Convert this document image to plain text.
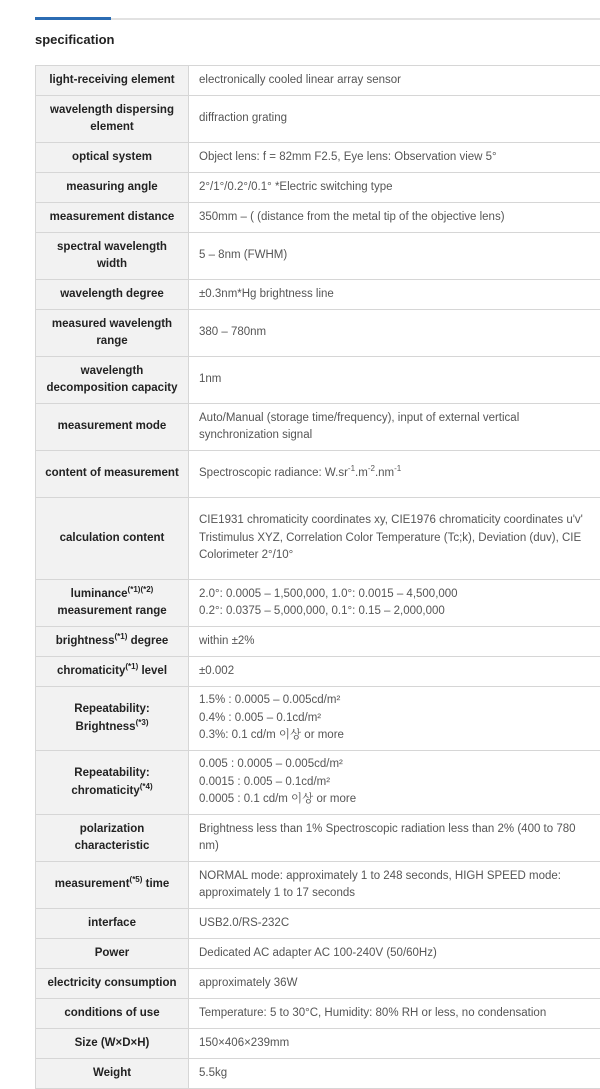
specification
light-receiving element	electronically cooled linear array sensor
wavelength dispersing element	diffraction grating
optical system	Object lens: f = 82mm F2.5, Eye lens: Observation view 5°
measuring angle	2°/1°/0.2°/0.1° *Electric switching type
measurement distance	350mm – ( (distance from the metal tip of the objective lens)
spectral wavelength width	5 – 8nm (FWHM)
wavelength degree	±0.3nm*Hg brightness line
measured wavelength range	380 – 780nm
wavelength decomposition capacity	1nm
measurement mode	Auto/Manual (storage time/frequency), input of external vertical synchronization signal
content of measurement	Spectroscopic radiance: $W.sr^{-1}.m^{-2}.nm^{-1}$
calculation content	CIE1931 chromaticity coordinates xy, CIE1976 chromaticity coordinates u'v' Tristimulus XYZ, Correlation Color Temperature (Tc;k), Deviation (duv), CIE Colorimeter 2°/10°
luminance$^{(*1)(*2)}$
measurement range	2.0°: 0.0005 – 1,500,000, 1.0°: 0.0015 – 4,500,000
0.2°: 0.0375 – 5,000,000, 0.1°: 0.15 – 2,000,000
brightness$^{(*1)}$ degree	within ±2%
chromaticity$^{(*1)}$ level	±0.002
Repeatability: Brightness$^{(*3)}$	1.5% : 0.0005 – 0.005cd/m²
0.4% : 0.005 – 0.1cd/m²
0.3%: 0.1 cd/m 이상 or more
Repeatability: chromaticity$^{(*4)}$	0.005 : 0.0005 – 0.005cd/m²
0.0015 : 0.005 – 0.1cd/m²
0.0005 : 0.1 cd/m 이상 or more
polarization characteristic	Brightness less than 1% Spectroscopic radiation less than 2% (400 to 780 nm)
measurement$^{(*5)}$ time	NORMAL mode: approximately 1 to 248 seconds, HIGH SPEED mode: approximately 1 to 17 seconds
interface	USB2.0/RS-232C
Power	Dedicated AC adapter AC 100-240V (50/60Hz)
electricity consumption	approximately 36W
conditions of use	Temperature: 5 to 30°C, Humidity: 80% RH or less, no condensation
Size (W×D×H)	150×406×239mm
Weight	5.5kg
